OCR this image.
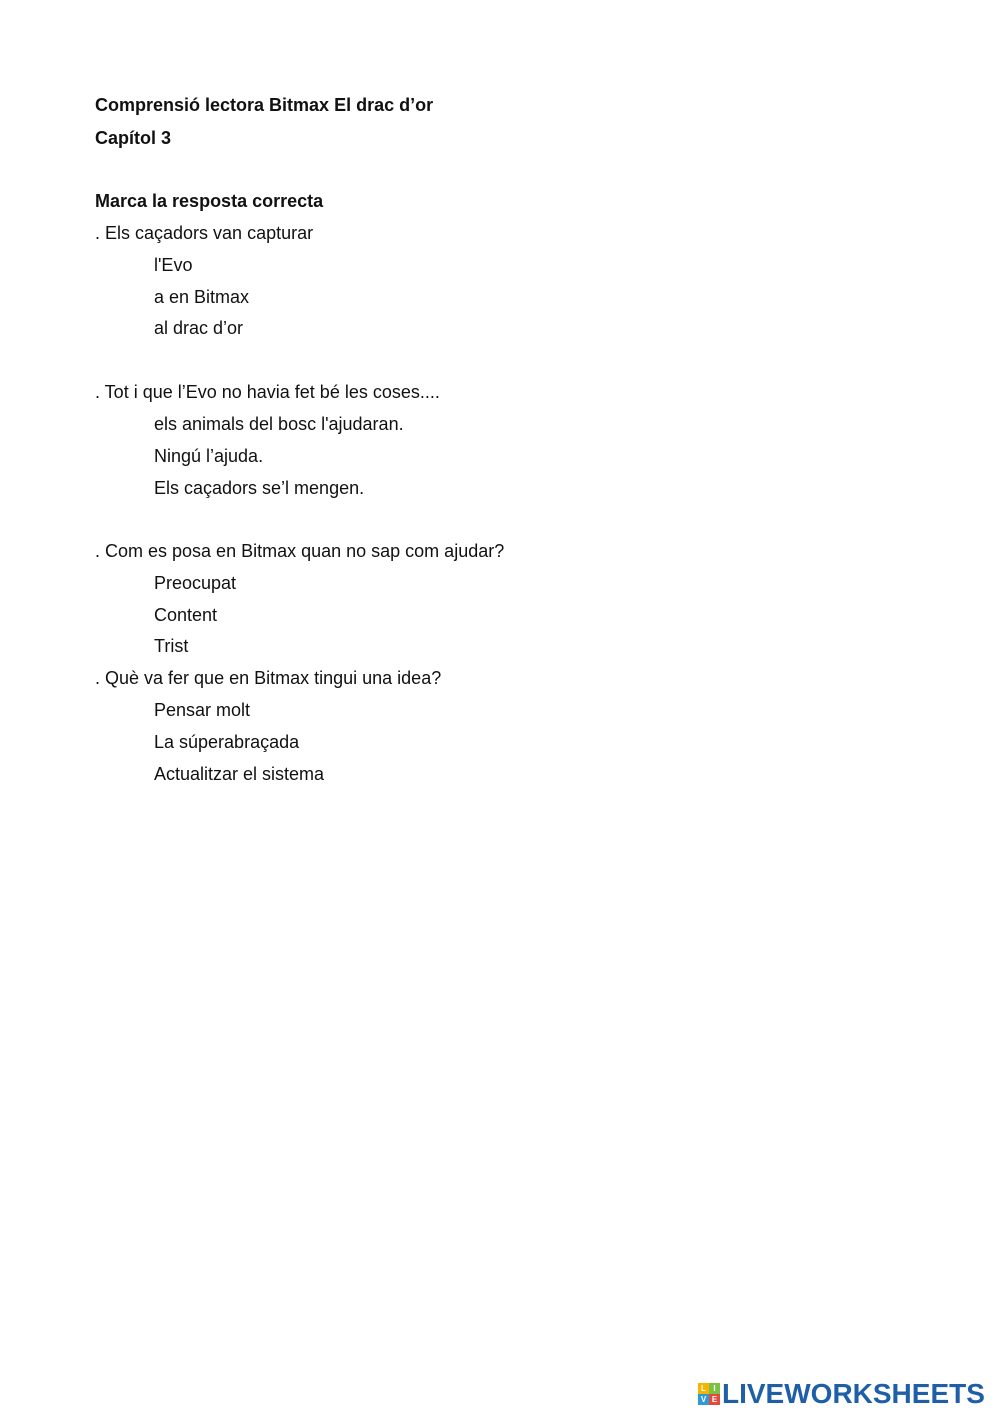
Comprensió lectora Bitmax El drac d’or
Capítol 3
Marca la resposta correcta
. Els caçadors van capturar
l'Evo
a en Bitmax
al drac d’or
. Tot i que l’Evo no havia fet bé les coses....
els animals del bosc l'ajudaran.
Ningú l’ajuda.
Els caçadors se’l mengen.
. Com es posa en Bitmax quan no sap com ajudar?
Preocupat
Content
Trist
. Què va fer que en Bitmax tingui una idea?
Pensar molt
La súperabraçada
Actualitzar el sistema
L I
V E LIVEWORKSHEETS
